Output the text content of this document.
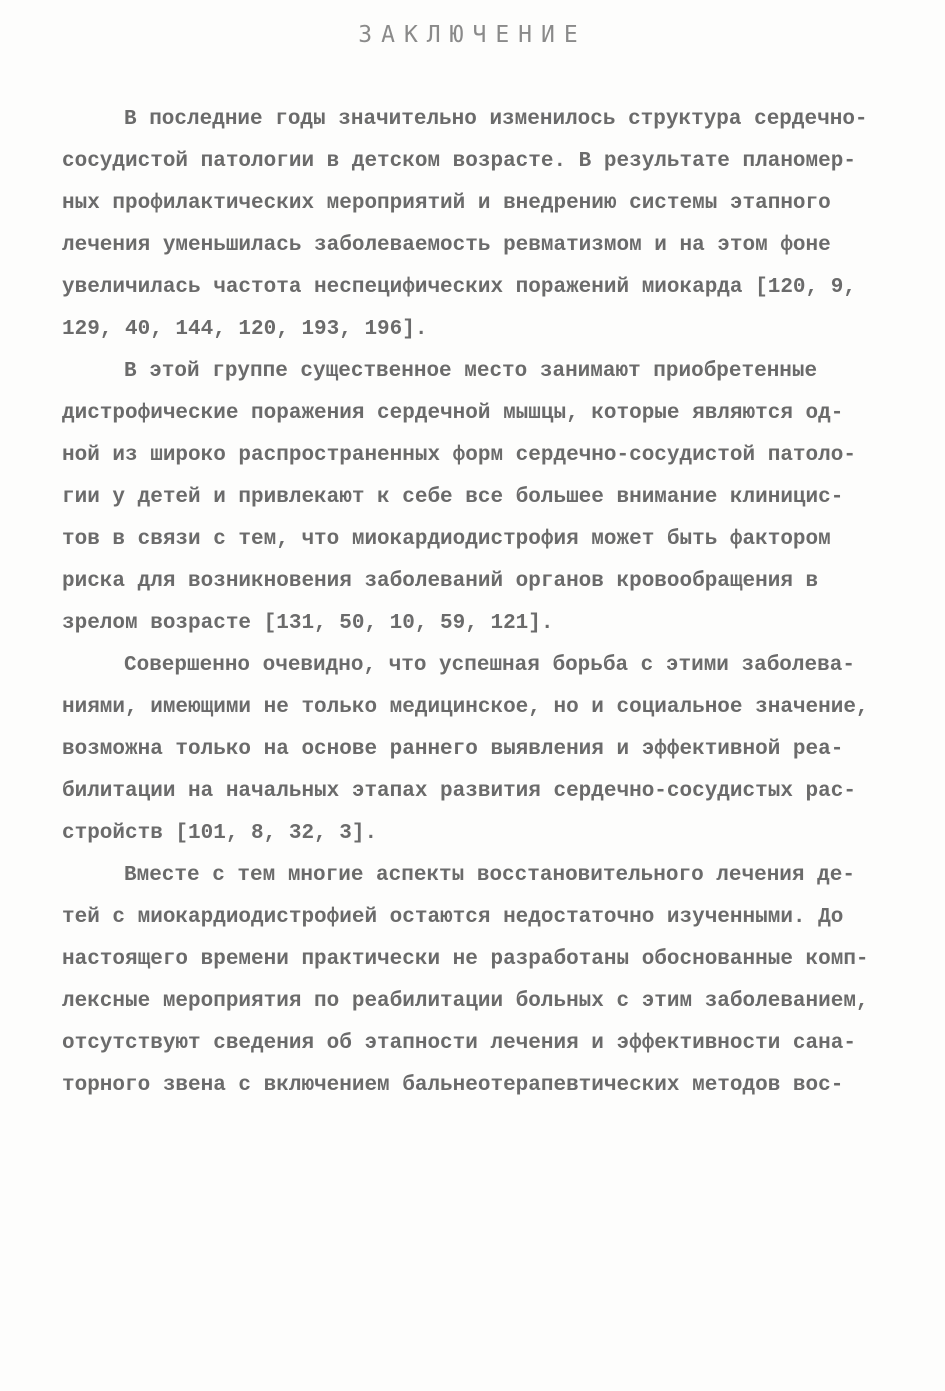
ЗАКЛЮЧЕНИЕ
В последние годы значительно изменилось структура сердечно-
сосудистой патологии в детском возрасте. В результате планомер-
ных профилактических мероприятий и внедрению системы этапного
лечения уменьшилась заболеваемость ревматизмом и на этом фоне
увеличилась частота неспецифических поражений миокарда [120, 9,
129, 40, 144, 120, 193, 196].
В этой группе существенное место занимают приобретенные
дистрофические поражения сердечной мышцы, которые являются од-
ной из широко распространенных форм сердечно-сосудистой патоло-
гии у детей и привлекают к себе все большее внимание клиницис-
тов в связи с тем, что миокардиодистрофия может быть фактором
риска для возникновения заболеваний органов кровообращения в
зрелом возрасте [131, 50, 10, 59, 121].
Совершенно очевидно, что успешная борьба с этими заболева-
ниями, имеющими не только медицинское, но и социальное значение,
возможна только на основе раннего выявления и эффективной реа-
билитации на начальных этапах развития сердечно-сосудистых рас-
стройств [101, 8, 32, 3].
Вместе с тем многие аспекты восстановительного лечения де-
тей с миокардиодистрофией остаются недостаточно изученными. До
настоящего времени практически не разработаны обоснованные комп-
лексные мероприятия по реабилитации больных с этим заболеванием,
отсутствуют сведения об этапности лечения и эффективности сана-
торного звена с включением бальнеотерапевтических методов вос-
